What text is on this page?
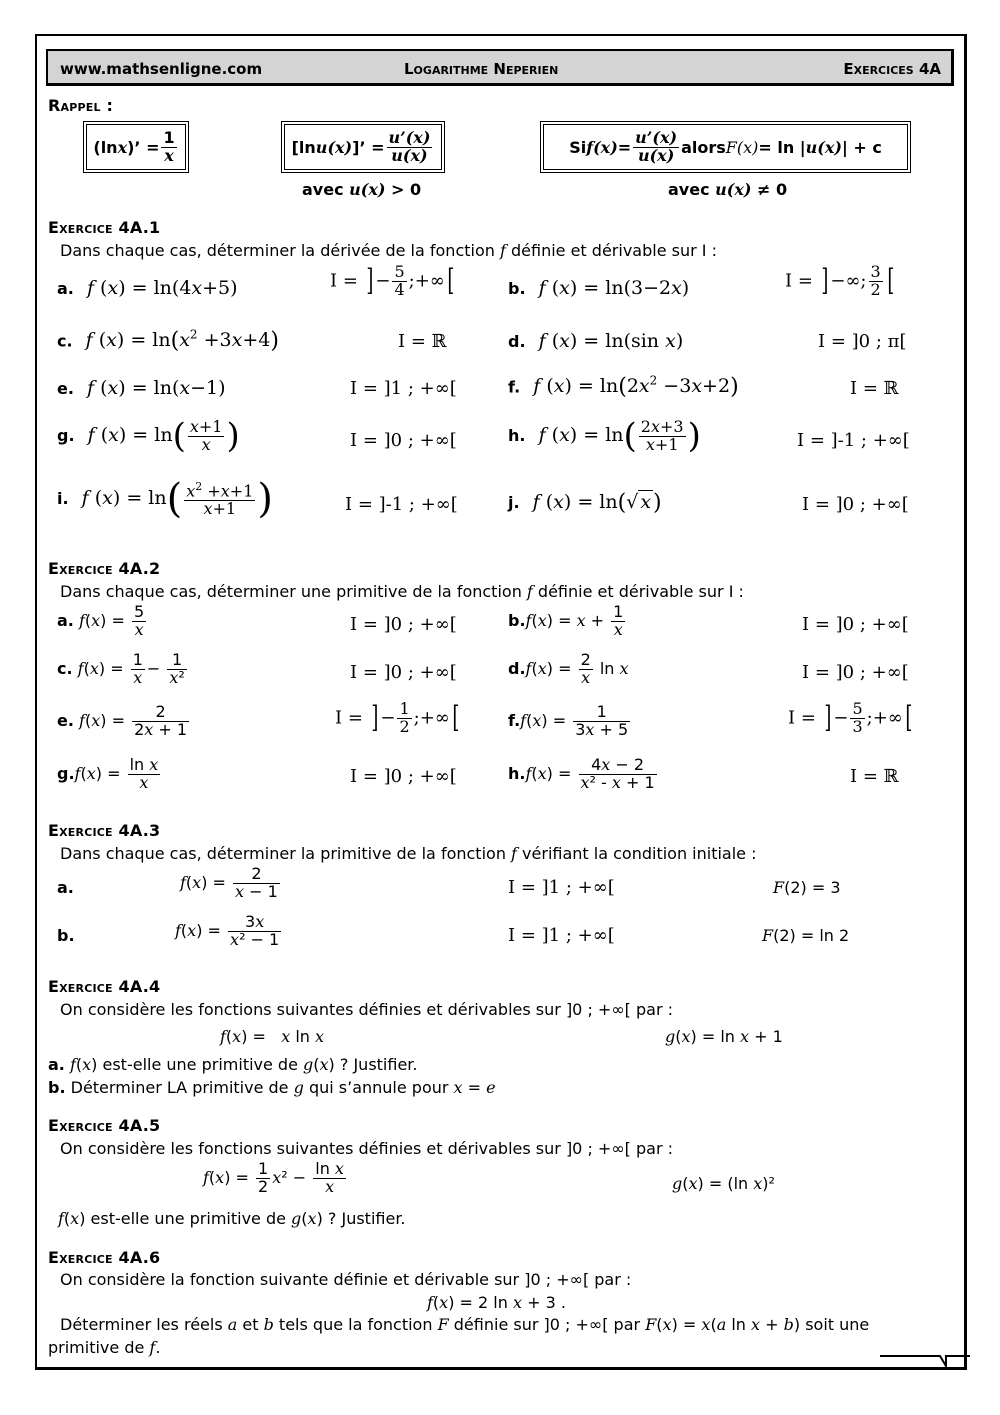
www.mathsenligne.com	Logarithme Neperien	Exercices 4A
Rappel :
(ln x )’ = $\frac{1}{x}$	[ln u (x) ]’ = $\frac{u’(x)}{u(x)}$
avec u(x) > 0
Si $f(x) = \frac{u’(x)}{u(x)}$ alors F(x) = ln | u(x) | + c
avec u(x) ≠ 0
Exercice 4A.1
Dans chaque cas, déterminer la dérivée de la fonction f définie et dérivable sur I :
a. f (x) = ln(4x+5)	I = ] − $\frac{5}{4}$ ;+∞[	b. f (x) = ln(3−2x)	I = ] −∞; $\frac{3}{2}$ [
c. f $(x) = \ln(x^2 +3x+4)$	I = ℝ	d. f (x) = ln(sin x)	I = ]0 ; π[
e. f (x) = ln(x−1)	I = ]1 ; +∞[	f. f $(x) = \ln(2x^2 -3x+2)$	I = ℝ
g. f $(x) = \ln( \frac{x+1}{x}$ )	I = ]0 ; +∞[	h. f $(x) = \ln( \frac{2x+3}{x+1}$ )	I = ]-1 ; +∞[
i. f $(x) = \ln( \frac{x^2 +x+1}{x+1}$ )	I = ]-1 ; +∞[	j. f (x) = ln(√ x)	I = ]0 ; +∞[
Exercice 4A.2
Dans chaque cas, déterminer une primitive de la fonction f définie et dérivable sur I :
a. $f(x) = \frac{5}{x}$	I = ]0 ; +∞[	$b.f(x) = x + \frac{1}{x}$	I = ]0 ; +∞[
c. $f(x) = \frac{1}{x} - \frac{1}{\text{x²}}$	I = ]0 ; +∞[	$d.f(x) = \frac{2}{x}$ ln x	I = ]0 ; +∞[
e. $f(x) = \frac{2}{2x + 1}$	I = ] − $\frac{1}{2}$ ;+∞[	$f.f(x) = \frac{1}{3x + 5}$	I = ] − $\frac{5}{3}$ ;+∞[
$g.f(x) = \frac{\text{ln x}}{x}$	I = ]0 ; +∞[	$h.f(x) = \frac{4x - 2}{\text{x² - x + 1}}$	I = ℝ
Exercice 4A.3
Dans chaque cas, déterminer la primitive de la fonction f vérifiant la condition initiale :
a.	$f(x) = \frac{2}{x - 1}$	I = ]1 ; +∞[	F(2) = 3
b.	$f(x) = \frac{3x}{\text{x² − 1}}$	I = ]1 ; +∞[	F(2) = ln 2
Exercice 4A.4
On considère les fonctions suivantes définies et dérivables sur ]0 ; +∞[ par :
f(x) =   x ln x	g(x) = ln x + 1
a. f(x) est-elle une primitive de g(x) ? Justifier.
b. Déterminer LA primitive de g qui s’annule pour x = e
Exercice 4A.5
On considère les fonctions suivantes définies et dérivables sur ]0 ; +∞[ par :
$f(x) = \frac{1}{2} x^2 - \frac{\text{ln x}}{x}$	g(x) = (ln x)²
f(x) est-elle une primitive de g(x) ? Justifier.
Exercice 4A.6
On considère la fonction suivante définie et dérivable sur ]0 ; +∞[ par :
f(x) = 2 ln x + 3 .
Déterminer les réels a et b tels que la fonction F définie sur ]0 ; +∞[ par F(x) = x(a ln x + b) soit une
primitive de f.
